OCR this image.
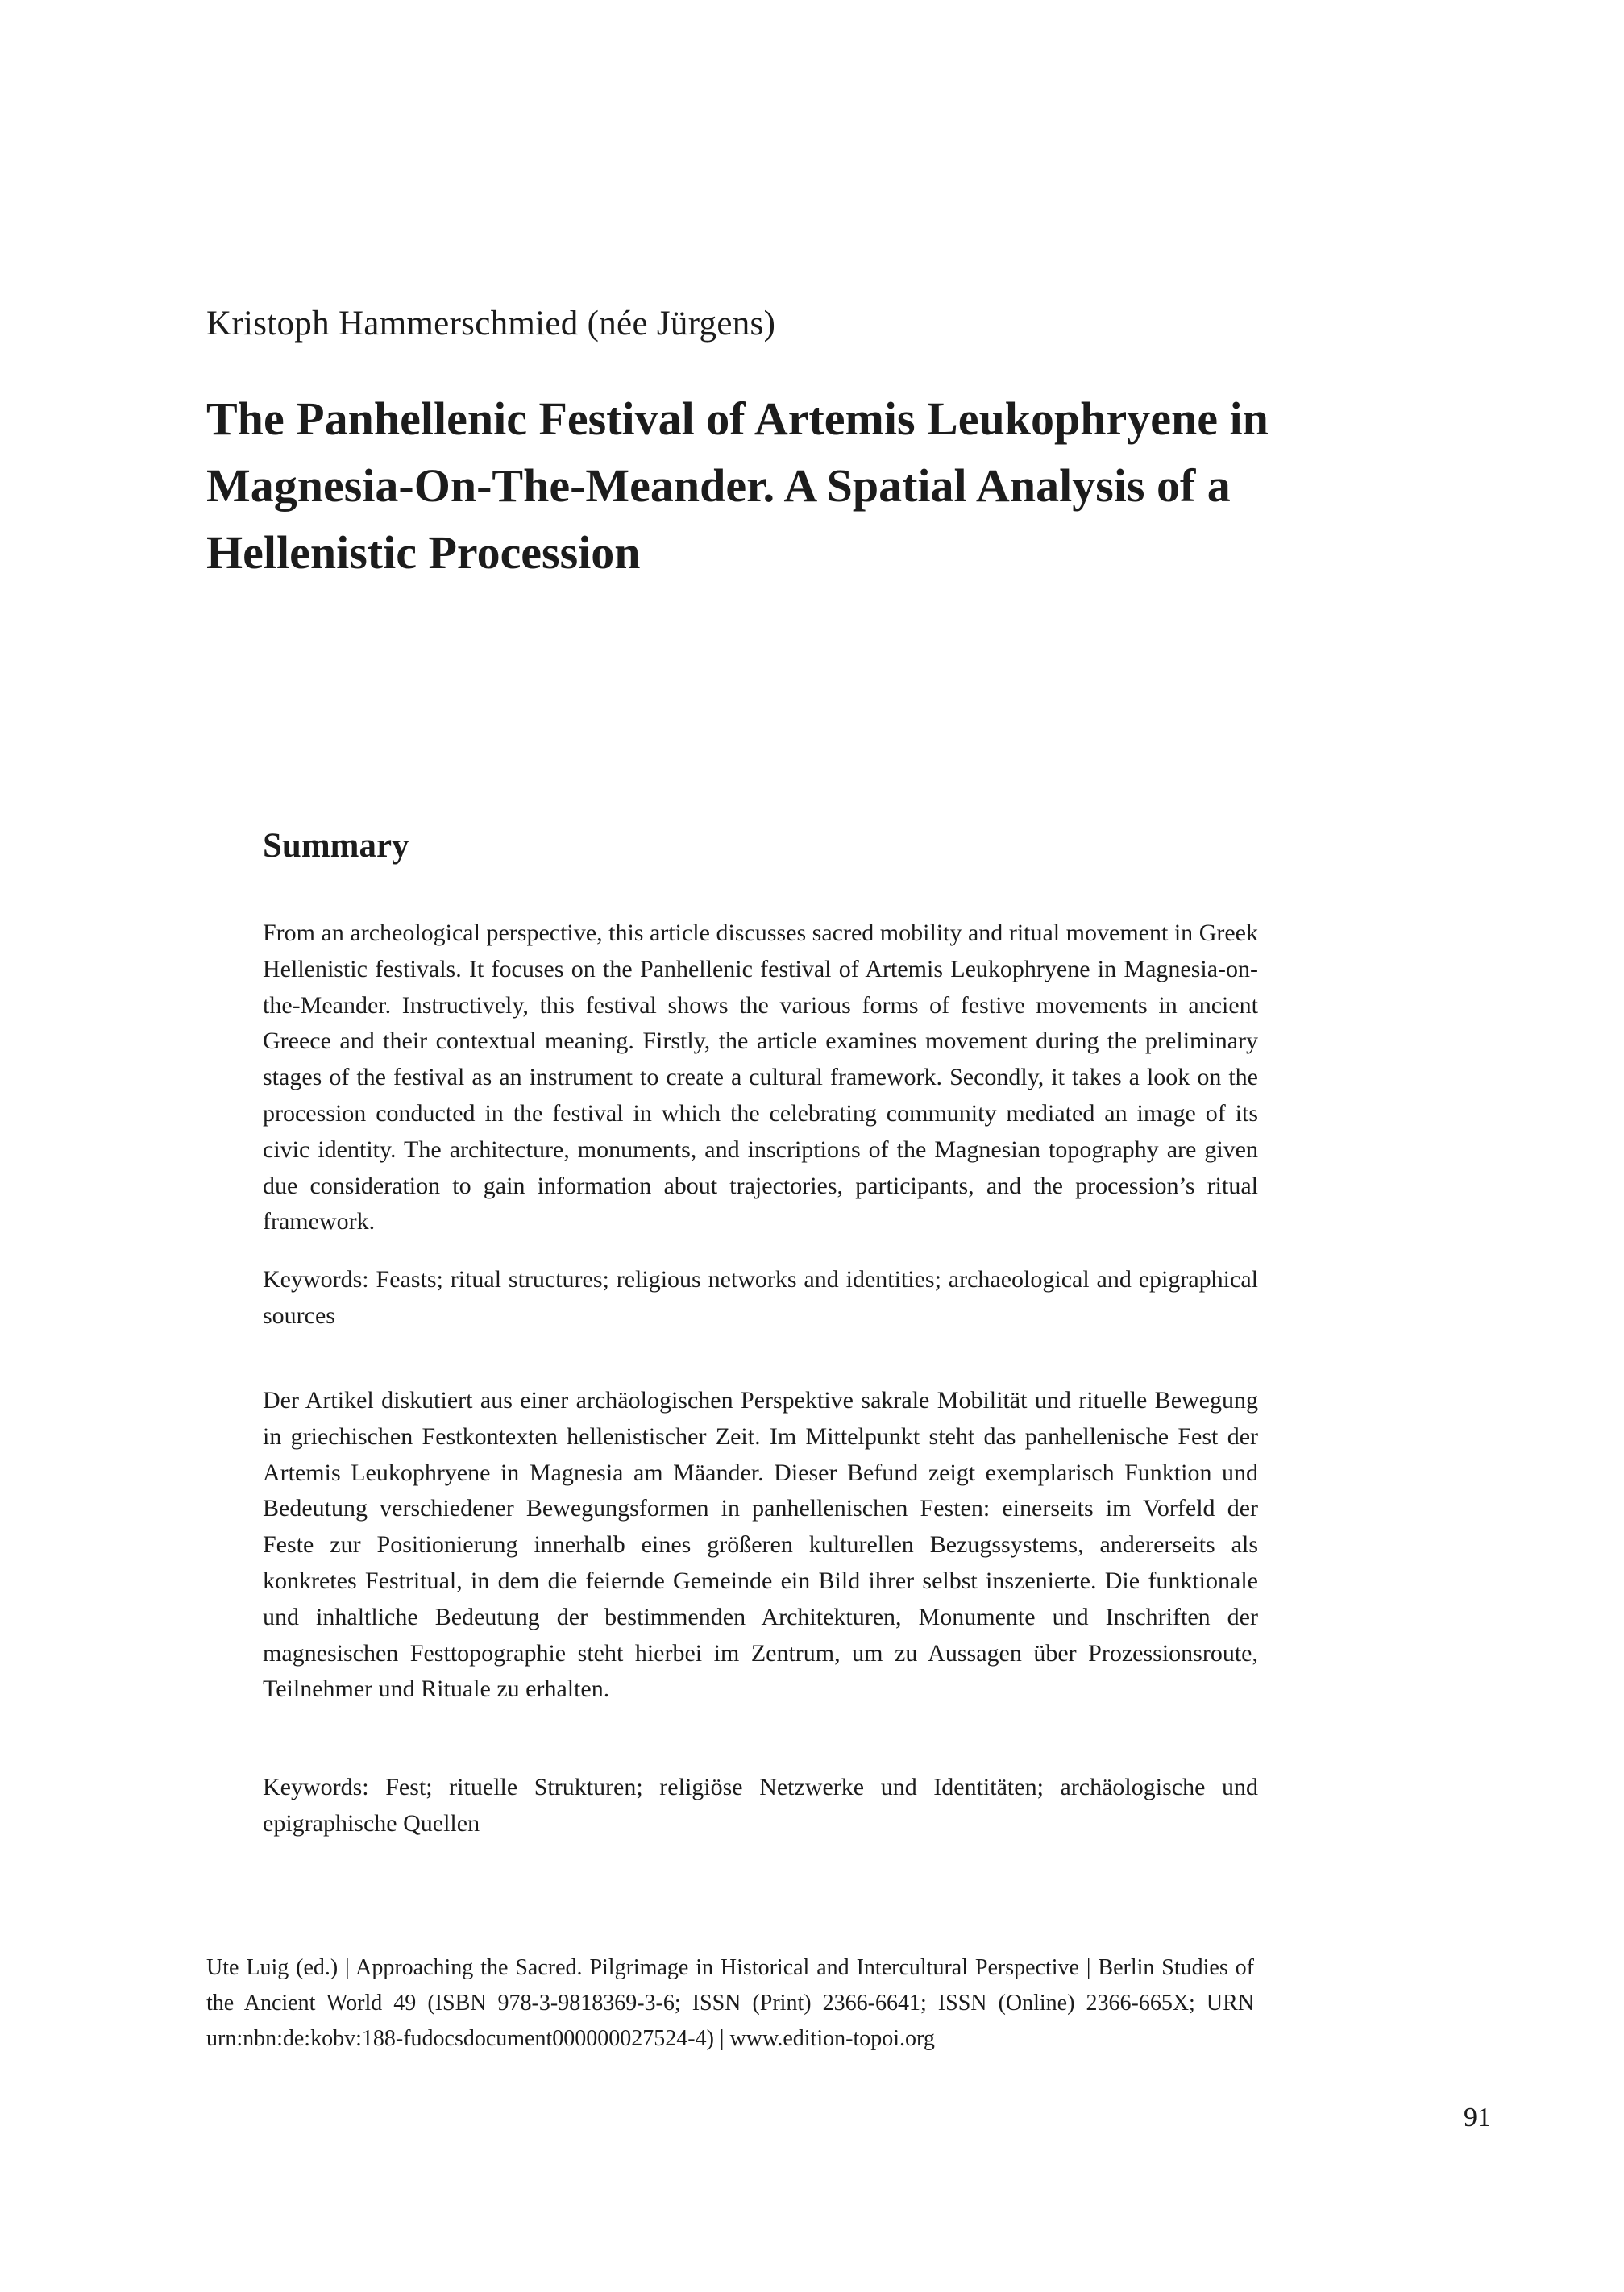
Kristoph Hammerschmied (née Jürgens)

The Panhellenic Festival of Artemis Leukophryene in Magnesia-On-The-Meander. A Spatial Analysis of a Hellenistic Procession
Summary

From an archeological perspective, this article discusses sacred mobility and ritual movement in Greek Hellenistic festivals. It focuses on the Panhellenic festival of Artemis Leukophryene in Magnesia-on-the-Meander. Instructively, this festival shows the various forms of festive movements in ancient Greece and their contextual meaning. Firstly, the article examines movement during the preliminary stages of the festival as an instrument to create a cultural framework. Secondly, it takes a look on the procession conducted in the festival in which the celebrating community mediated an image of its civic identity. The architecture, monuments, and inscriptions of the Magnesian topography are given due consideration to gain information about trajectories, participants, and the procession’s ritual framework.

Keywords: Feasts; ritual structures; religious networks and identities; archaeological and epigraphical sources

Der Artikel diskutiert aus einer archäologischen Perspektive sakrale Mobilität und rituelle Bewegung in griechischen Festkontexten hellenistischer Zeit. Im Mittelpunkt steht das panhellenische Fest der Artemis Leukophryene in Magnesia am Mäander. Dieser Befund zeigt exemplarisch Funktion und Bedeutung verschiedener Bewegungsformen in panhellenischen Festen: einerseits im Vorfeld der Feste zur Positionierung innerhalb eines größeren kulturellen Bezugssystems, andererseits als konkretes Festritual, in dem die feiernde Gemeinde ein Bild ihrer selbst inszenierte. Die funktionale und inhaltliche Bedeutung der bestimmenden Architekturen, Monumente und Inschriften der magnesischen Festtopographie steht hierbei im Zentrum, um zu Aussagen über Prozessionsroute, Teilnehmer und Rituale zu erhalten.

Keywords: Fest; rituelle Strukturen; religiöse Netzwerke und Identitäten; archäologische und epigraphische Quellen

Ute Luig (ed.) | Approaching the Sacred. Pilgrimage in Historical and Intercultural Perspective | Berlin Studies of the Ancient World 49 (ISBN 978-3-9818369-3-6; ISSN (Print) 2366-6641; ISSN (Online) 2366-665X; URN urn:nbn:de:kobv:188-fudocsdocument000000027524-4) | www.edition-topoi.org

91
